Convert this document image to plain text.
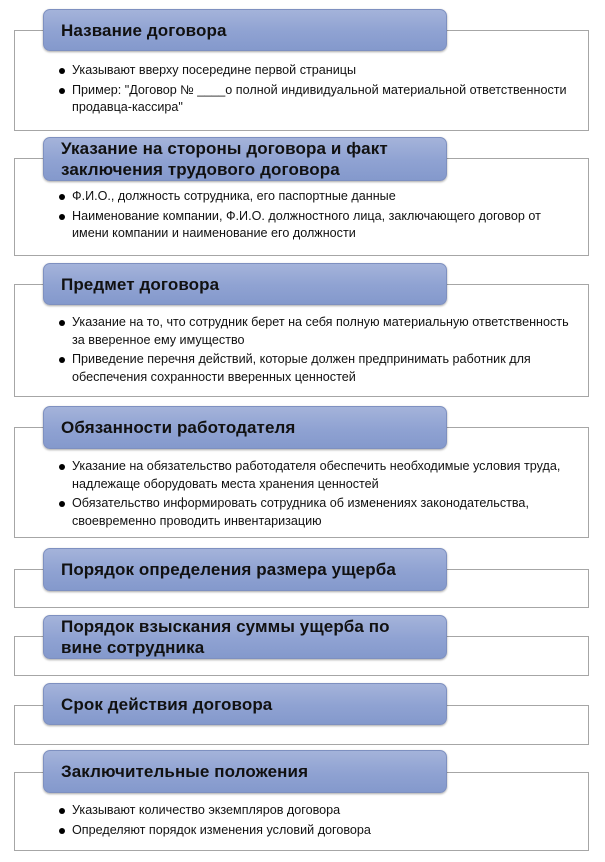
Название договора
Указывают вверху посередине первой страницы
Пример: "Договор № ____о полной индивидуальной материальной ответственности продавца-кассира"
Указание на стороны договора и факт заключения трудового договора
Ф.И.О., должность сотрудника, его паспортные данные
Наименование компании, Ф.И.О. должностного лица, заключающего договор от имени компании и наименование его должности
Предмет договора
Указание на то, что сотрудник берет на себя полную материальную ответственность за вверенное ему имущество
Приведение перечня действий, которые должен предпринимать работник для обеспечения сохранности вверенных ценностей
Обязанности работодателя
Указание на обязательство работодателя обеспечить необходимые условия труда, надлежаще оборудовать места хранения ценностей
Обязательство информировать сотрудника об изменениях законодательства, своевременно проводить инвентаризацию
Порядок определения размера ущерба
Порядок взыскания суммы ущерба по вине сотрудника
Срок действия договора
Заключительные положения
Указывают количество экземпляров договора
Определяют порядок изменения условий договора
